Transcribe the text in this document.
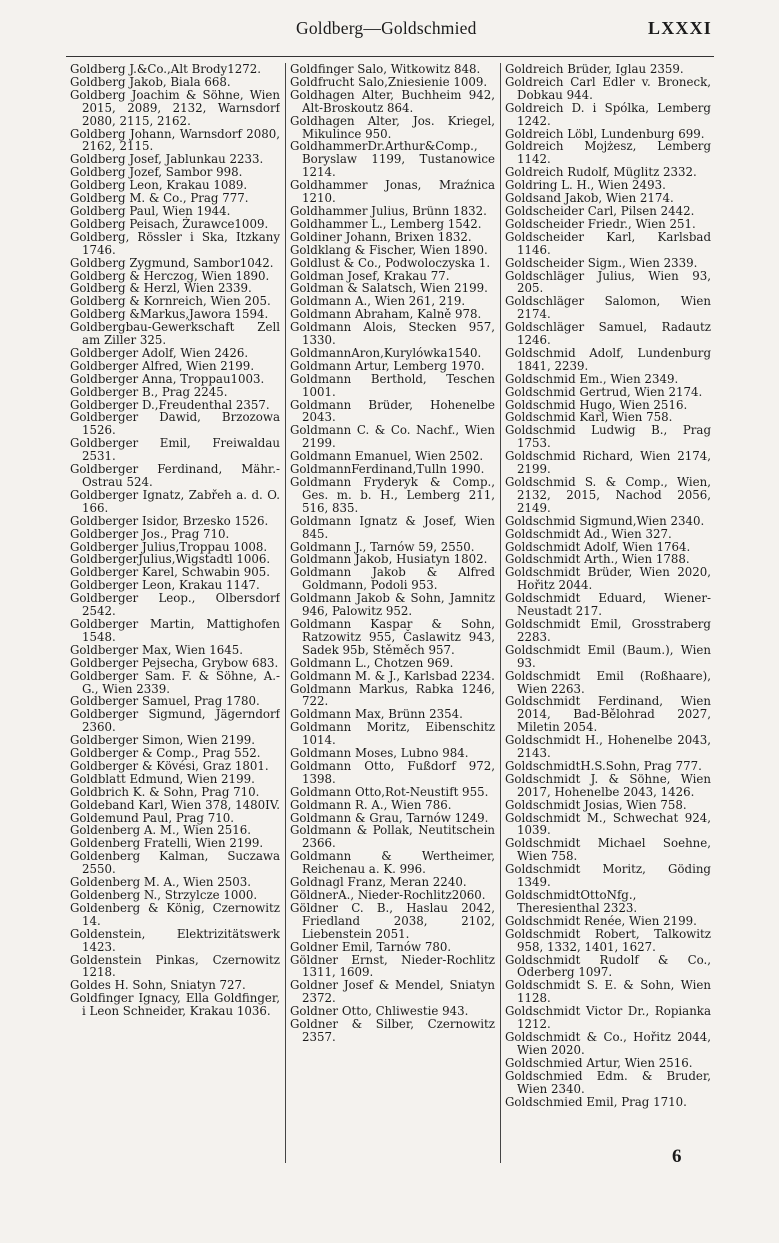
Goldberg—Goldschmied	LXXXI
Goldberg J.&Co.,Alt Brody1272.
Goldberg Jakob, Biala 668.
Goldberg Joachim & Söhne, Wien 2015, 2089, 2132, Warnsdorf 2080, 2115, 2162.
Goldberg Johann, Warnsdorf 2080, 2162, 2115.
Goldberg Josef, Jablunkau 2233.
Goldberg Jozef, Sambor 998.
Goldberg Leon, Krakau 1089.
Goldberg M. & Co., Prag 777.
Goldberg Paul, Wien 1944.
Goldberg Peisach, Żurawce1009.
Goldberg, Rössler i Ska, Itzkany 1746.
Goldberg Zygmund, Sambor1042.
Goldberg & Herczog, Wien 1890.
Goldberg & Herzl, Wien 2339.
Goldberg & Kornreich, Wien 205.
Goldberg &Markus,Jawora 1594.
Goldbergbau-Gewerkschaft Zell am Ziller 325.
Goldberger Adolf, Wien 2426.
Goldberger Alfred, Wien 2199.
Goldberger Anna, Troppau1003.
Goldberger B., Prag 2245.
Goldberger D.,Freudenthal 2357.
Goldberger Dawid, Brzozowa 1526.
Goldberger Emil, Freiwaldau 2531.
Goldberger Ferdinand, Mähr.-Ostrau 524.
Goldberger Ignatz, Zabřeh a. d. O. 166.
Goldberger Isidor, Brzesko 1526.
Goldberger Jos., Prag 710.
Goldberger Julius,Troppau 1008.
GoldbergerJulius,Wigstadtl 1006.
Goldberger Karel, Schwabin 905.
Goldberger Leon, Krakau 1147.
Goldberger Leop., Olbersdorf 2542.
Goldberger Martin, Mattighofen 1548.
Goldberger Max, Wien 1645.
Goldberger Pejsecha, Grybow 683.
Goldberger Sam. F. & Söhne, A.-G., Wien 2339.
Goldberger Samuel, Prag 1780.
Goldberger Sigmund, Jägerndorf 2360.
Goldberger Simon, Wien 2199.
Goldberger & Comp., Prag 552.
Goldberger & Kövési, Graz 1801.
Goldblatt Edmund, Wien 2199.
Goldbrich K. & Sohn, Prag 710.
Goldeband Karl, Wien 378, 1480IV.
Goldemund Paul, Prag 710.
Goldenberg A. M., Wien 2516.
Goldenberg Fratelli, Wien 2199.
Goldenberg Kalman, Suczawa 2550.
Goldenberg M. A., Wien 2503.
Goldenberg N., Strzylcze 1000.
Goldenberg & König, Czernowitz 14.
Goldenstein, Elektrizitätswerk 1423.
Goldenstein Pinkas, Czernowitz 1218.
Goldes H. Sohn, Sniatyn 727.
Goldfinger Ignacy, Ella Goldfinger, i Leon Schneider, Krakau 1036.
Goldfinger Salo, Witkowitz 848.
Goldfrucht Salo,Zniesienie 1009.
Goldhagen Alter, Buchheim 942, Alt-Broskoutz 864.
Goldhagen Alter, Jos. Kriegel, Mikulince 950.
GoldhammerDr.Arthur&Comp., Boryslaw 1199, Tustanowice 1214.
Goldhammer Jonas, Mraźnica 1210.
Goldhammer Julius, Brünn 1832.
Goldhammer L., Lemberg 1542.
Goldiner Johann, Brixen 1832.
Goldklang & Fischer, Wien 1890.
Goldlust & Co., Podwoloczyska 1.
Goldman Josef, Krakau 77.
Goldman & Salatsch, Wien 2199.
Goldmann A., Wien 261, 219.
Goldmann Abraham, Kalně 978.
Goldmann Alois, Stecken 957, 1330.
GoldmannAron,Kurylówka1540.
Goldmann Artur, Lemberg 1970.
Goldmann Berthold, Teschen 1001.
Goldmann Brüder, Hohenelbe 2043.
Goldmann C. & Co. Nachf., Wien 2199.
Goldmann Emanuel, Wien 2502.
GoldmannFerdinand,Tulln 1990.
Goldmann Fryderyk & Comp., Ges. m. b. H., Lemberg 211, 516, 835.
Goldmann Ignatz & Josef, Wien 845.
Goldmann J., Tarnów 59, 2550.
Goldmann Jakob, Husiatyn 1802.
Goldmann Jakob & Alfred Goldmann, Podoli 953.
Goldmann Jakob & Sohn, Jamnitz 946, Palowitz 952.
Goldmann Kaspar & Sohn, Ratzowitz 955, Časlawitz 943, Sadek 95b, Stěměch 957.
Goldmann L., Chotzen 969.
Goldmann M. & J., Karlsbad 2234.
Goldmann Markus, Rabka 1246, 722.
Goldmann Max, Brünn 2354.
Goldmann Moritz, Eibenschitz 1014.
Goldmann Moses, Lubno 984.
Goldmann Otto, Fußdorf 972, 1398.
Goldmann Otto,Rot-Neustift 955.
Goldmann R. A., Wien 786.
Goldmann & Grau, Tarnów 1249.
Goldmann & Pollak, Neutitschein 2366.
Goldmann & Wertheimer, Reichenau a. K. 996.
Goldnagl Franz, Meran 2240.
GöldnerA., Nieder-Rochlitz2060.
Göldner C. B., Haslau 2042, Friedland 2038, 2102, Liebenstein 2051.
Goldner Emil, Tarnów 780.
Göldner Ernst, Nieder-Rochlitz 1311, 1609.
Goldner Josef & Mendel, Sniatyn 2372.
Goldner Otto, Chliwestie 943.
Goldner & Silber, Czernowitz 2357.
Goldreich Brüder, Iglau 2359.
Goldreich Carl Edler v. Broneck, Dobkau 944.
Goldreich D. i Spólka, Lemberg 1242.
Goldreich Löbl, Lundenburg 699.
Goldreich Mojżesz, Lemberg 1142.
Goldreich Rudolf, Müglitz 2332.
Goldring L. H., Wien 2493.
Goldsand Jakob, Wien 2174.
Goldscheider Carl, Pilsen 2442.
Goldscheider Friedr., Wien 251.
Goldscheider Karl, Karlsbad 1146.
Goldscheider Sigm., Wien 2339.
Goldschläger Julius, Wien 93, 205.
Goldschläger Salomon, Wien 2174.
Goldschläger Samuel, Radautz 1246.
Goldschmid Adolf, Lundenburg 1841, 2239.
Goldschmid Em., Wien 2349.
Goldschmid Gertrud, Wien 2174.
Goldschmid Hugo, Wien 2516.
Goldschmid Karl, Wien 758.
Goldschmid Ludwig B., Prag 1753.
Goldschmid Richard, Wien 2174, 2199.
Goldschmid S. & Comp., Wien, 2132, 2015, Nachod 2056, 2149.
Goldschmid Sigmund,Wien 2340.
Goldschmidt Ad., Wien 327.
Goldschmidt Adolf, Wien 1764.
Goldschmidt Arth., Wien 1788.
Goldschmidt Brüder, Wien 2020, Hořitz 2044.
Goldschmidt Eduard, Wiener-Neustadt 217.
Goldschmidt Emil, Grosstraberg 2283.
Goldschmidt Emil (Baum.), Wien 93.
Goldschmidt Emil (Roßhaare), Wien 2263.
Goldschmidt Ferdinand, Wien 2014, Bad-Bělohrad 2027, Miletin 2054.
Goldschmidt H., Hohenelbe 2043, 2143.
GoldschmidtH.S.Sohn, Prag 777.
Goldschmidt J. & Söhne, Wien 2017, Hohenelbe 2043, 1426.
Goldschmidt Josias, Wien 758.
Goldschmidt M., Schwechat 924, 1039.
Goldschmidt Michael Soehne, Wien 758.
Goldschmidt Moritz, Göding 1349.
GoldschmidtOttoNfg., Theresienthal 2323.
Goldschmidt Renée, Wien 2199.
Goldschmidt Robert, Talkowitz 958, 1332, 1401, 1627.
Goldschmidt Rudolf & Co., Oderberg 1097.
Goldschmidt S. E. & Sohn, Wien 1128.
Goldschmidt Victor Dr., Ropianka 1212.
Goldschmidt & Co., Hořitz 2044, Wien 2020.
Goldschmied Artur, Wien 2516.
Goldschmied Edm. & Bruder, Wien 2340.
Goldschmied Emil, Prag 1710.
6
